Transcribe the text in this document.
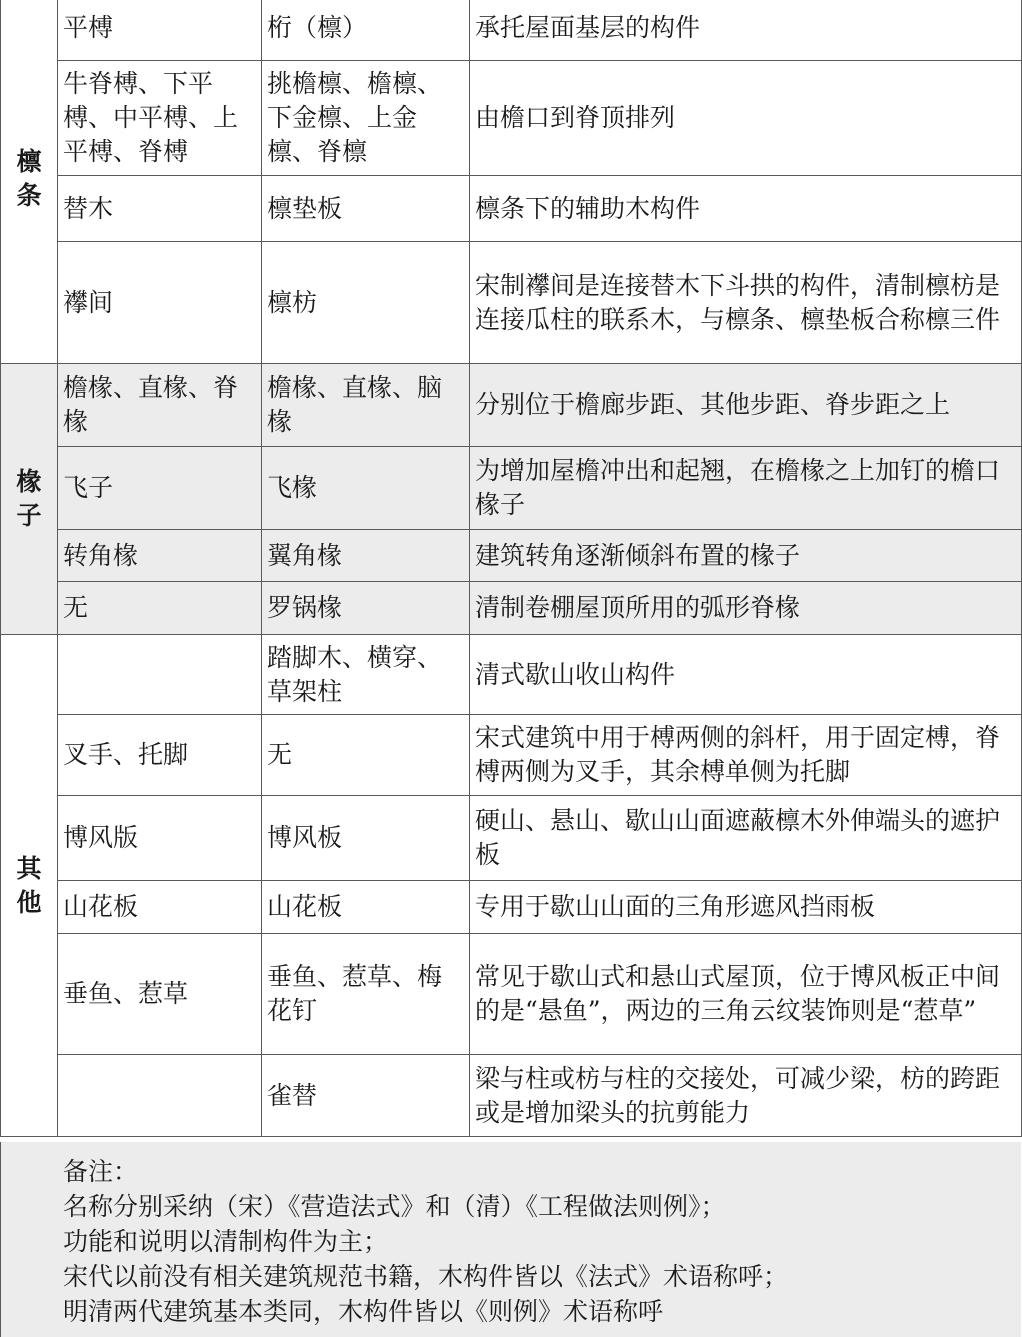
檩条	平榑	桁（檩）	承托屋面基层的构件
	牛脊榑、下平榑、中平榑、上平榑、脊榑	挑檐檩、檐檩、下金檩、上金檩、脊檩	由檐口到脊顶排列
	替木	檩垫板	檩条下的辅助木构件
	襻间	檩枋	宋制襻间是连接替木下斗拱的构件，清制檩枋是连接瓜柱的联系木，与檩条、檩垫板合称檩三件
椽子	檐椽、直椽、脊椽	檐椽、直椽、脑椽	分别位于檐廊步距、其他步距、脊步距之上
	飞子	飞椽	为增加屋檐冲出和起翘，在檐椽之上加钉的檐口椽子
	转角椽	翼角椽	建筑转角逐渐倾斜布置的椽子
	无	罗锅椽	清制卷棚屋顶所用的弧形脊椽
其他		踏脚木、横穿、草架柱	清式歇山收山构件
	叉手、托脚	无	宋式建筑中用于榑两侧的斜杆，用于固定榑，脊榑两侧为叉手，其余榑单侧为托脚
	博风版	博风板	硬山、悬山、歇山山面遮蔽檩木外伸端头的遮护板
	山花板	山花板	专用于歇山山面的三角形遮风挡雨板
	垂鱼、惹草	垂鱼、惹草、梅花钉	常见于歇山式和悬山式屋顶，位于博风板正中间的是“悬鱼”，两边的三角云纹装饰则是“惹草”
		雀替	梁与柱或枋与柱的交接处，可减少梁，枋的跨距或是增加梁头的抗剪能力
备注：
名称分别采纳（宋）《营造法式》和（清）《工程做法则例》；
功能和说明以清制构件为主；
宋代以前没有相关建筑规范书籍，木构件皆以《法式》术语称呼；
明清两代建筑基本类同，木构件皆以《则例》术语称呼
